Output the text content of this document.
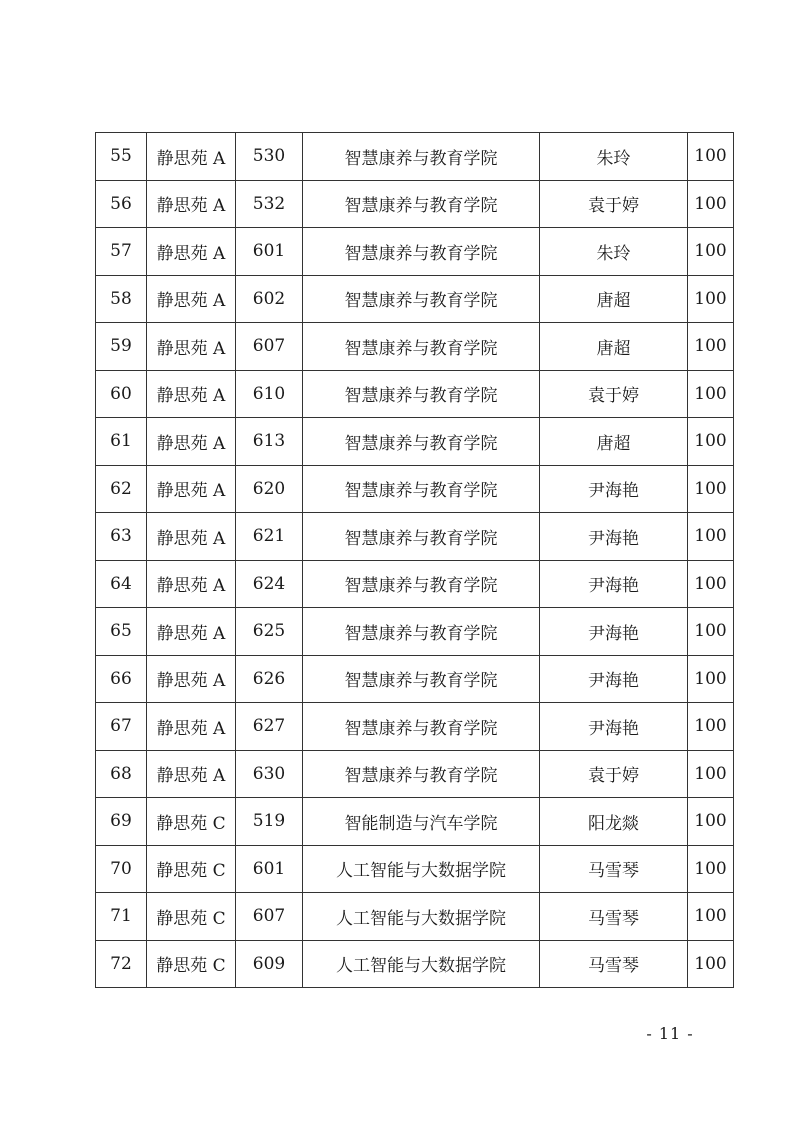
55	静思苑 A	530	智慧康养与教育学院	朱玲	100
56	静思苑 A	532	智慧康养与教育学院	袁于婷	100
57	静思苑 A	601	智慧康养与教育学院	朱玲	100
58	静思苑 A	602	智慧康养与教育学院	唐超	100
59	静思苑 A	607	智慧康养与教育学院	唐超	100
60	静思苑 A	610	智慧康养与教育学院	袁于婷	100
61	静思苑 A	613	智慧康养与教育学院	唐超	100
62	静思苑 A	620	智慧康养与教育学院	尹海艳	100
63	静思苑 A	621	智慧康养与教育学院	尹海艳	100
64	静思苑 A	624	智慧康养与教育学院	尹海艳	100
65	静思苑 A	625	智慧康养与教育学院	尹海艳	100
66	静思苑 A	626	智慧康养与教育学院	尹海艳	100
67	静思苑 A	627	智慧康养与教育学院	尹海艳	100
68	静思苑 A	630	智慧康养与教育学院	袁于婷	100
69	静思苑 C	519	智能制造与汽车学院	阳龙燚	100
70	静思苑 C	601	人工智能与大数据学院	马雪琴	100
71	静思苑 C	607	人工智能与大数据学院	马雪琴	100
72	静思苑 C	609	人工智能与大数据学院	马雪琴	100
- 11 -
